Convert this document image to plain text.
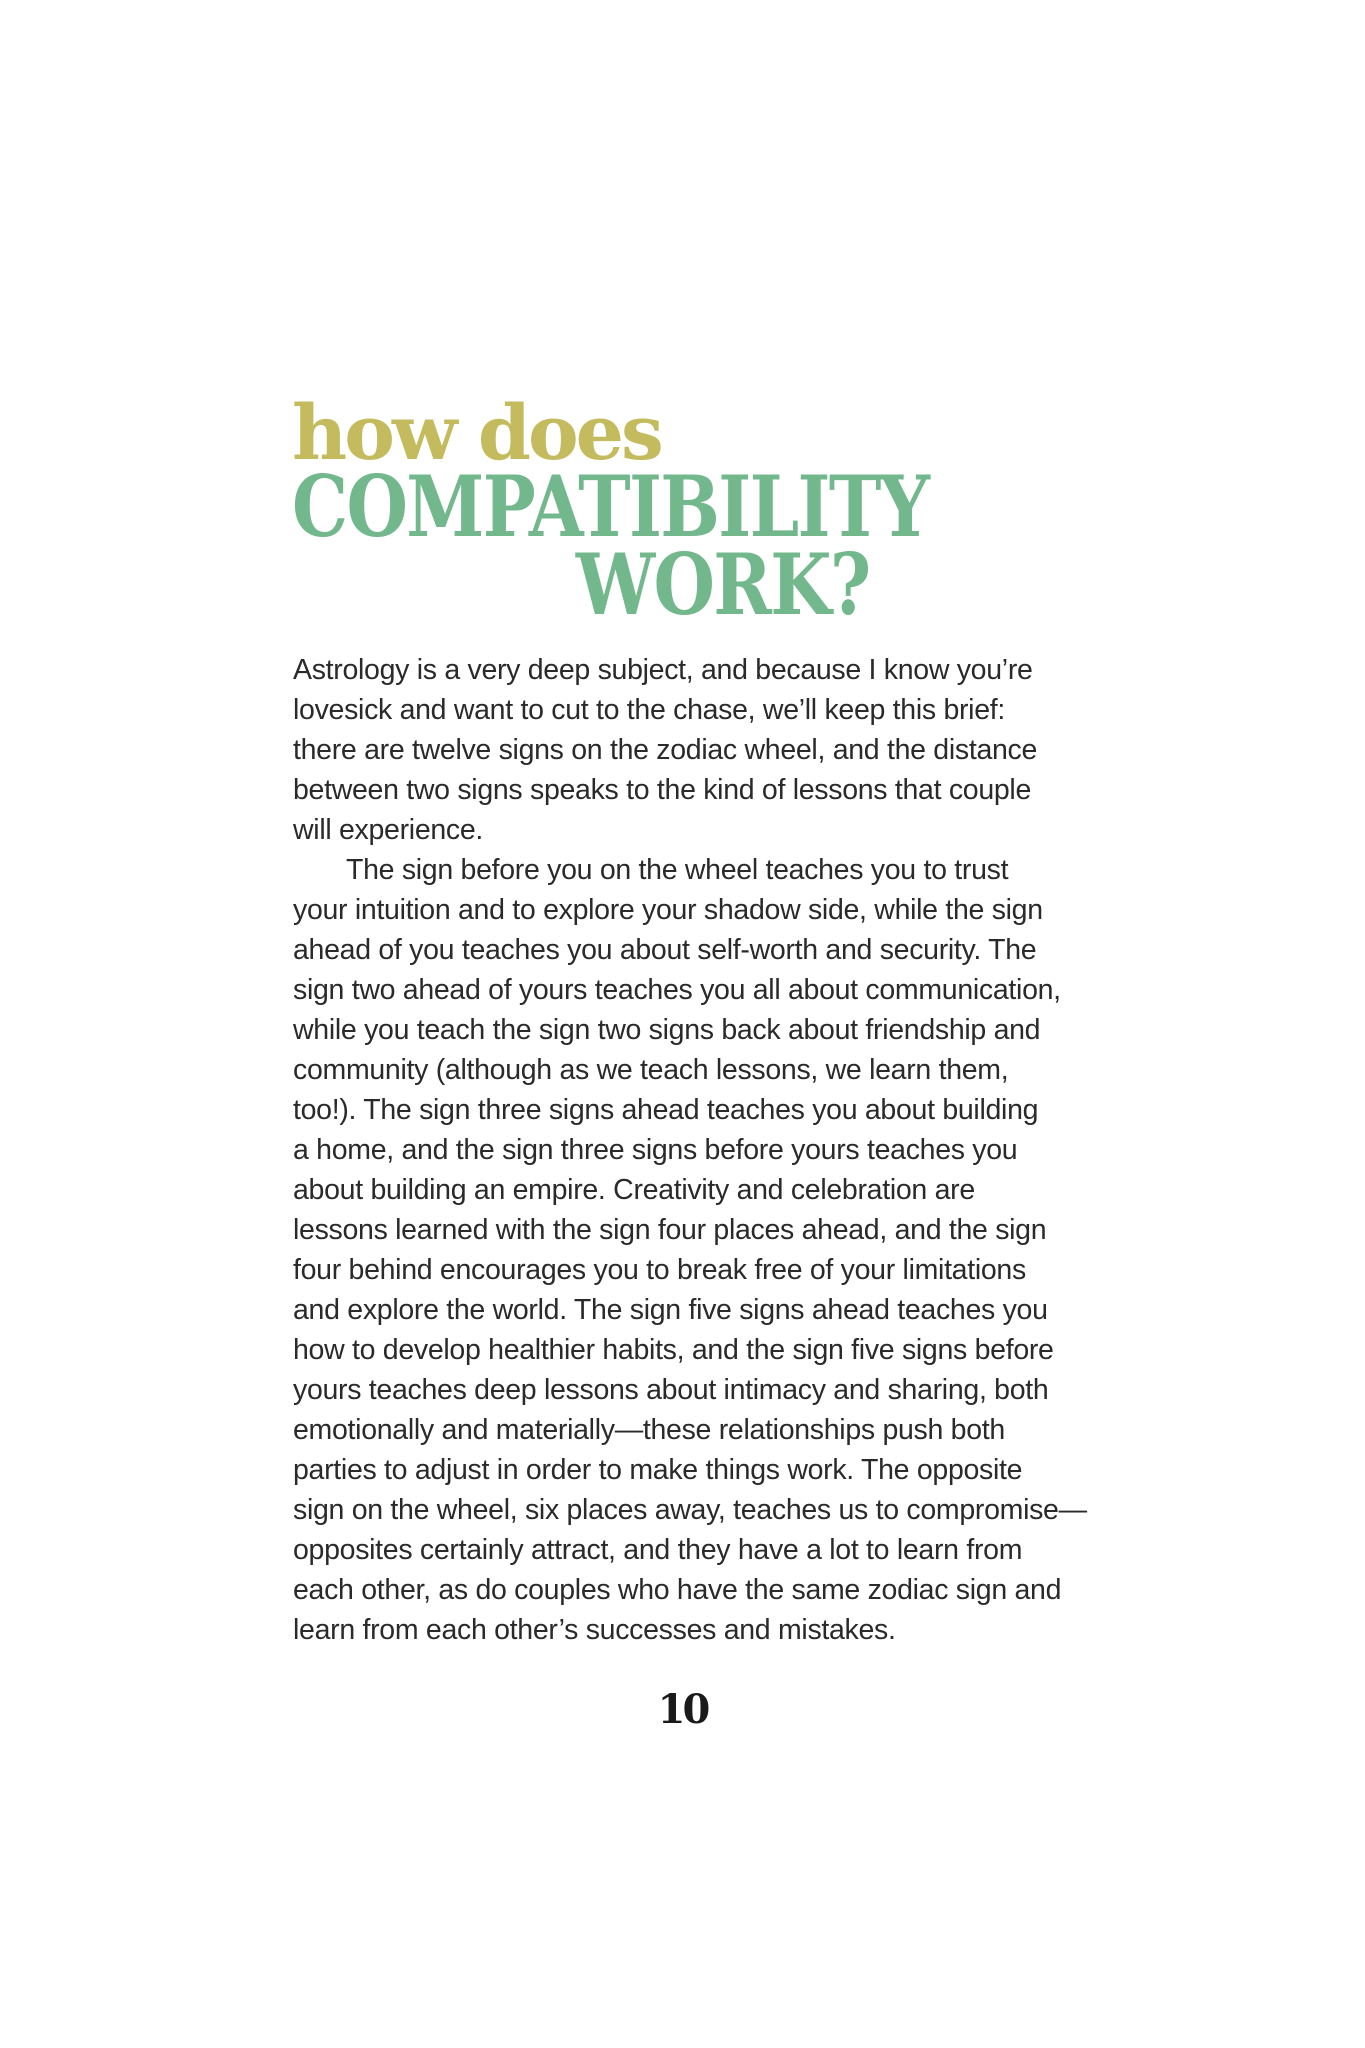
how does
COMPATIBILITY
WORK?
Astrology is a very deep subject, and because I know you’re
lovesick and want to cut to the chase, we’ll keep this brief:
there are twelve signs on the zodiac wheel, and the distance
between two signs speaks to the kind of lessons that couple
will experience.
The sign before you on the wheel teaches you to trust
your intuition and to explore your shadow side, while the sign
ahead of you teaches you about self-worth and security. The
sign two ahead of yours teaches you all about communication,
while you teach the sign two signs back about friendship and
community (although as we teach lessons, we learn them,
too!). The sign three signs ahead teaches you about building
a home, and the sign three signs before yours teaches you
about building an empire. Creativity and celebration are
lessons learned with the sign four places ahead, and the sign
four behind encourages you to break free of your limitations
and explore the world. The sign five signs ahead teaches you
how to develop healthier habits, and the sign five signs before
yours teaches deep lessons about intimacy and sharing, both
emotionally and materially—these relationships push both
parties to adjust in order to make things work. The opposite
sign on the wheel, six places away, teaches us to compromise—
opposites certainly attract, and they have a lot to learn from
each other, as do couples who have the same zodiac sign and
learn from each other’s successes and mistakes.
10
